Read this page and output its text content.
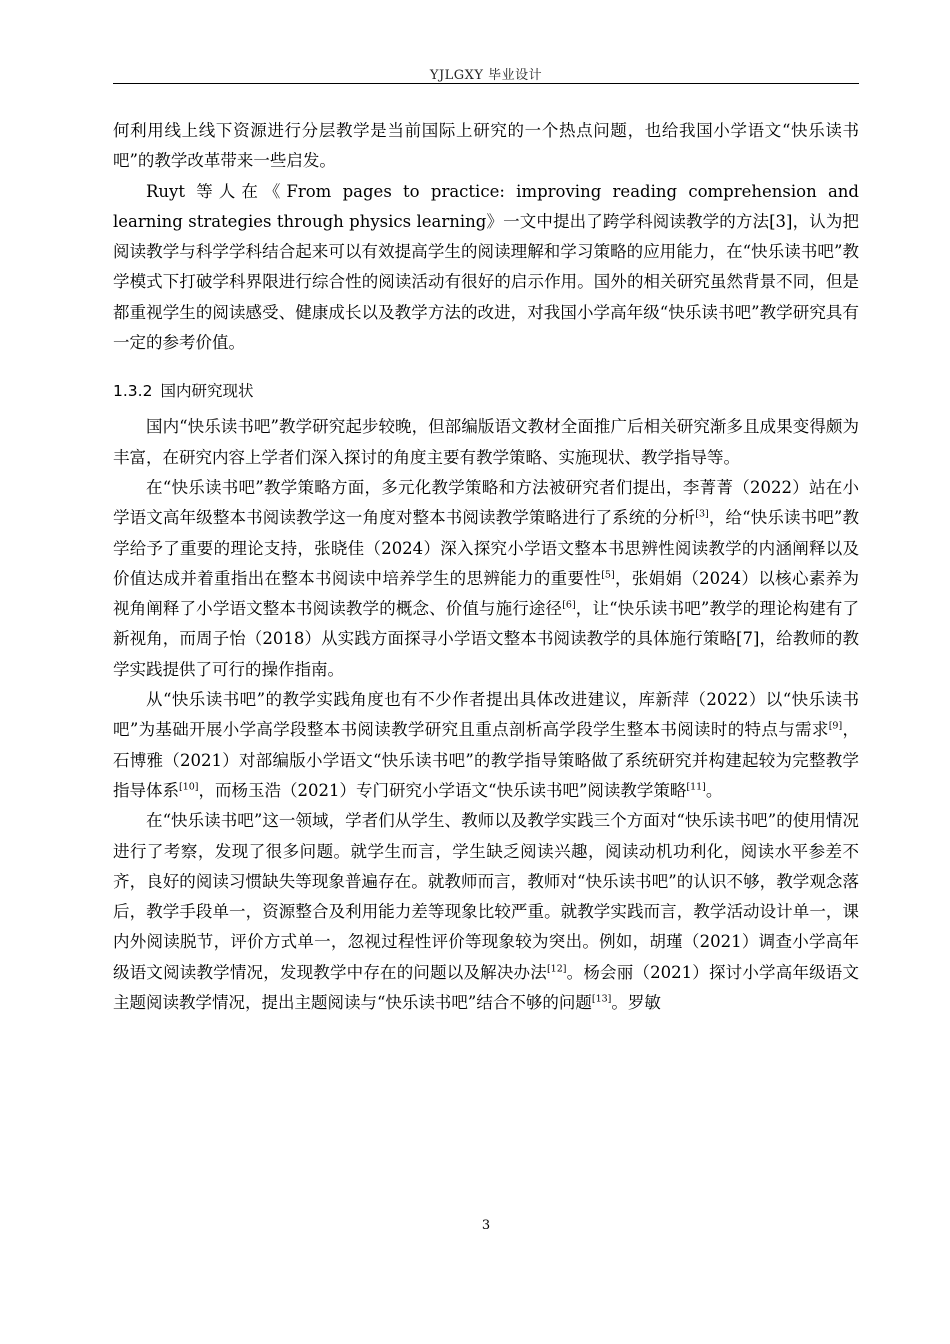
YJLGXY 毕业设计

何利用线上线下资源进行分层教学是当前国际上研究的一个热点问题，也给我国小学语文“快乐读书吧”的教学改革带来一些启发。

Ruyt 等人在《From pages to practice: improving reading comprehension and learning strategies through physics learning》一文中提出了跨学科阅读教学的方法[3]，认为把阅读教学与科学学科结合起来可以有效提高学生的阅读理解和学习策略的应用能力，在“快乐读书吧”教学模式下打破学科界限进行综合性的阅读活动有很好的启示作用。国外的相关研究虽然背景不同，但是都重视学生的阅读感受、健康成长以及教学方法的改进，对我国小学高年级“快乐读书吧”教学研究具有一定的参考价值。

1.3.2 国内研究现状

国内“快乐读书吧”教学研究起步较晚，但部编版语文教材全面推广后相关研究渐多且成果变得颇为丰富，在研究内容上学者们深入探讨的角度主要有教学策略、实施现状、教学指导等。

在“快乐读书吧”教学策略方面，多元化教学策略和方法被研究者们提出，李菁菁（2022）站在小学语文高年级整本书阅读教学这一角度对整本书阅读教学策略进行了系统的分析[3]，给“快乐读书吧”教学给予了重要的理论支持，张晓佳（2024）深入探究小学语文整本书思辨性阅读教学的内涵阐释以及价值达成并着重指出在整本书阅读中培养学生的思辨能力的重要性[5]，张娟娟（2024）以核心素养为视角阐释了小学语文整本书阅读教学的概念、价值与施行途径[6]，让“快乐读书吧”教学的理论构建有了新视角，而周子怡（2018）从实践方面探寻小学语文整本书阅读教学的具体施行策略[7]，给教师的教学实践提供了可行的操作指南。

从“快乐读书吧”的教学实践角度也有不少作者提出具体改进建议，库新萍（2022）以“快乐读书吧”为基础开展小学高学段整本书阅读教学研究且重点剖析高学段学生整本书阅读时的特点与需求[9]，石博雅（2021）对部编版小学语文“快乐读书吧”的教学指导策略做了系统研究并构建起较为完整教学指导体系[10]，而杨玉浩（2021）专门研究小学语文“快乐读书吧”阅读教学策略[11]。

在“快乐读书吧”这一领域，学者们从学生、教师以及教学实践三个方面对“快乐读书吧”的使用情况进行了考察，发现了很多问题。就学生而言，学生缺乏阅读兴趣，阅读动机功利化，阅读水平参差不齐，良好的阅读习惯缺失等现象普遍存在。就教师而言，教师对“快乐读书吧”的认识不够，教学观念落后，教学手段单一，资源整合及利用能力差等现象比较严重。就教学实践而言，教学活动设计单一，课内外阅读脱节，评价方式单一，忽视过程性评价等现象较为突出。例如，胡瑾（2021）调查小学高年级语文阅读教学情况，发现教学中存在的问题以及解决办法[12]。杨会丽（2021）探讨小学高年级语文主题阅读教学情况，提出主题阅读与“快乐读书吧”结合不够的问题[13]。罗敏

3
